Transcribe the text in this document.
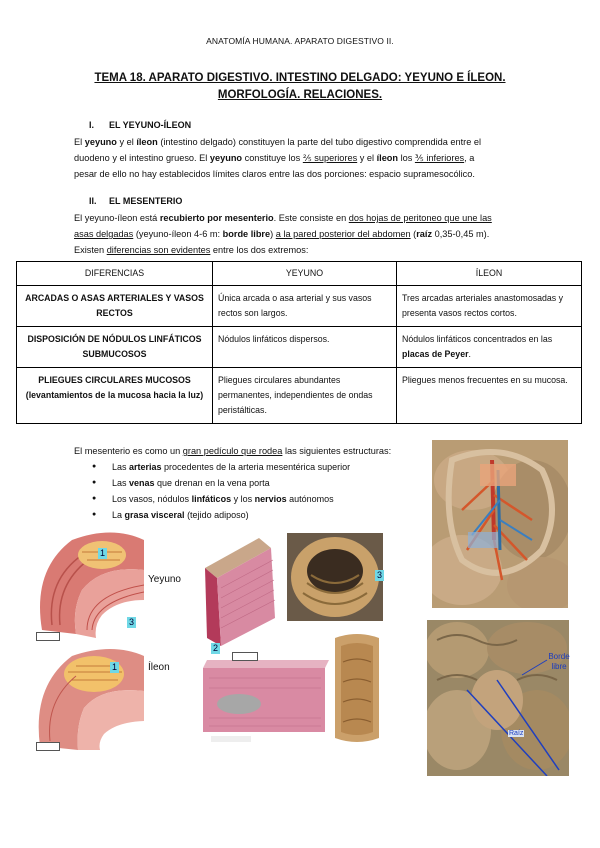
ANATOMÍA HUMANA. APARATO DIGESTIVO II.
TEMA 18. APARATO DIGESTIVO. INTESTINO DELGADO: YEYUNO E ÍLEON.
MORFOLOGÍA. RELACIONES.
I. EL YEYUNO-ÍLEON
El yeyuno y el íleon (intestino delgado) constituyen la parte del tubo digestivo comprendida entre el
duodeno y el intestino grueso. El yeyuno constituye los ⅖ superiores y el íleon los ⅗ inferiores, a
pesar de ello no hay establecidos límites claros entre las dos porciones: espacio supramesocólico.
II. EL MESENTERIO
El yeyuno-íleon está recubierto por mesenterio. Este consiste en dos hojas de peritoneo que une las
asas delgadas (yeyuno-íleon 4-6 m: borde libre) a la pared posterior del abdomen (raíz 0,35-0,45 m).
Existen diferencias son evidentes entre los dos extremos:
DIFERENCIAS	YEYUNO	ÍLEON
ARCADAS O ASAS ARTERIALES Y VASOS RECTOS	Única arcada o asa arterial y sus vasos rectos son largos.	Tres arcadas arteriales anastomosadas y presenta vasos rectos cortos.
DISPOSICIÓN DE NÓDULOS LINFÁTICOS SUBMUCOSOS	Nódulos linfáticos dispersos.	Nódulos linfáticos concentrados en las placas de Peyer.

PLIEGUES CIRCULARES MUCOSOS
(levantamientos de la mucosa hacia la luz)	Pliegues circulares abundantes permanentes, independientes de ondas peristálticas.	Pliegues menos frecuentes en su mucosa.
El mesenterio es como un gran pedículo que rodea las siguientes estructuras:
● Las arterias procedentes de la arteria mesentérica superior
● Las venas que drenan en la vena porta
● Los vasos, nódulos linfáticos y los nervios autónomos
● La grasa visceral (tejido adiposo)
1
3
Yeyuno
1	Íleon
2
3
Borde libre
Raíz
